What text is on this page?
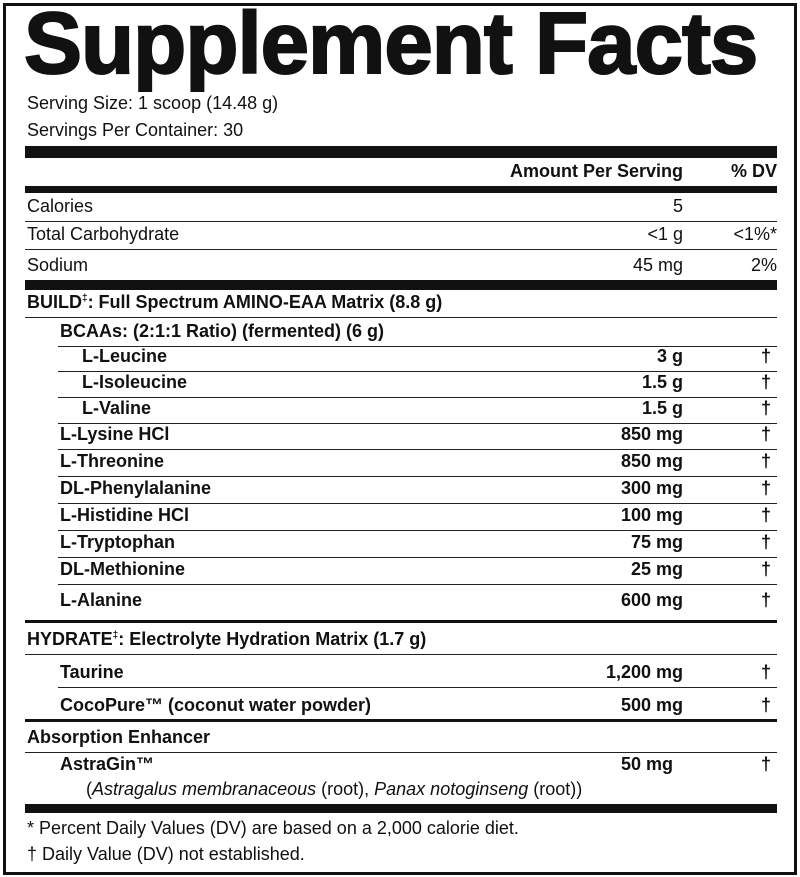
Supplement Facts
Serving Size: 1 scoop (14.48 g)
Servings Per Container: 30
Amount Per Serving	% DV
Calories	5
Total Carbohydrate	<1 g	<1%*
Sodium	45 mg	2%
BUILD‡: Full Spectrum AMINO-EAA Matrix (8.8 g)
BCAAs: (2:1:1 Ratio) (fermented) (6 g)
L-Leucine	3 g	†
L-Isoleucine	1.5 g	†
L-Valine	1.5 g	†
L-Lysine HCl	850 mg	†
L-Threonine	850 mg	†
DL-Phenylalanine	300 mg	†
L-Histidine HCl	100 mg	†
L-Tryptophan	75 mg	†
DL-Methionine	25 mg	†
L-Alanine	600 mg	†
HYDRATE‡: Electrolyte Hydration Matrix (1.7 g)
Taurine	1,200 mg	†
CocoPure™ (coconut water powder)	500 mg	†
Absorption Enhancer
AstraGin™	50 mg	†
(Astragalus membranaceous (root), Panax notoginseng (root))
* Percent Daily Values (DV) are based on a 2,000 calorie diet.
† Daily Value (DV) not established.
